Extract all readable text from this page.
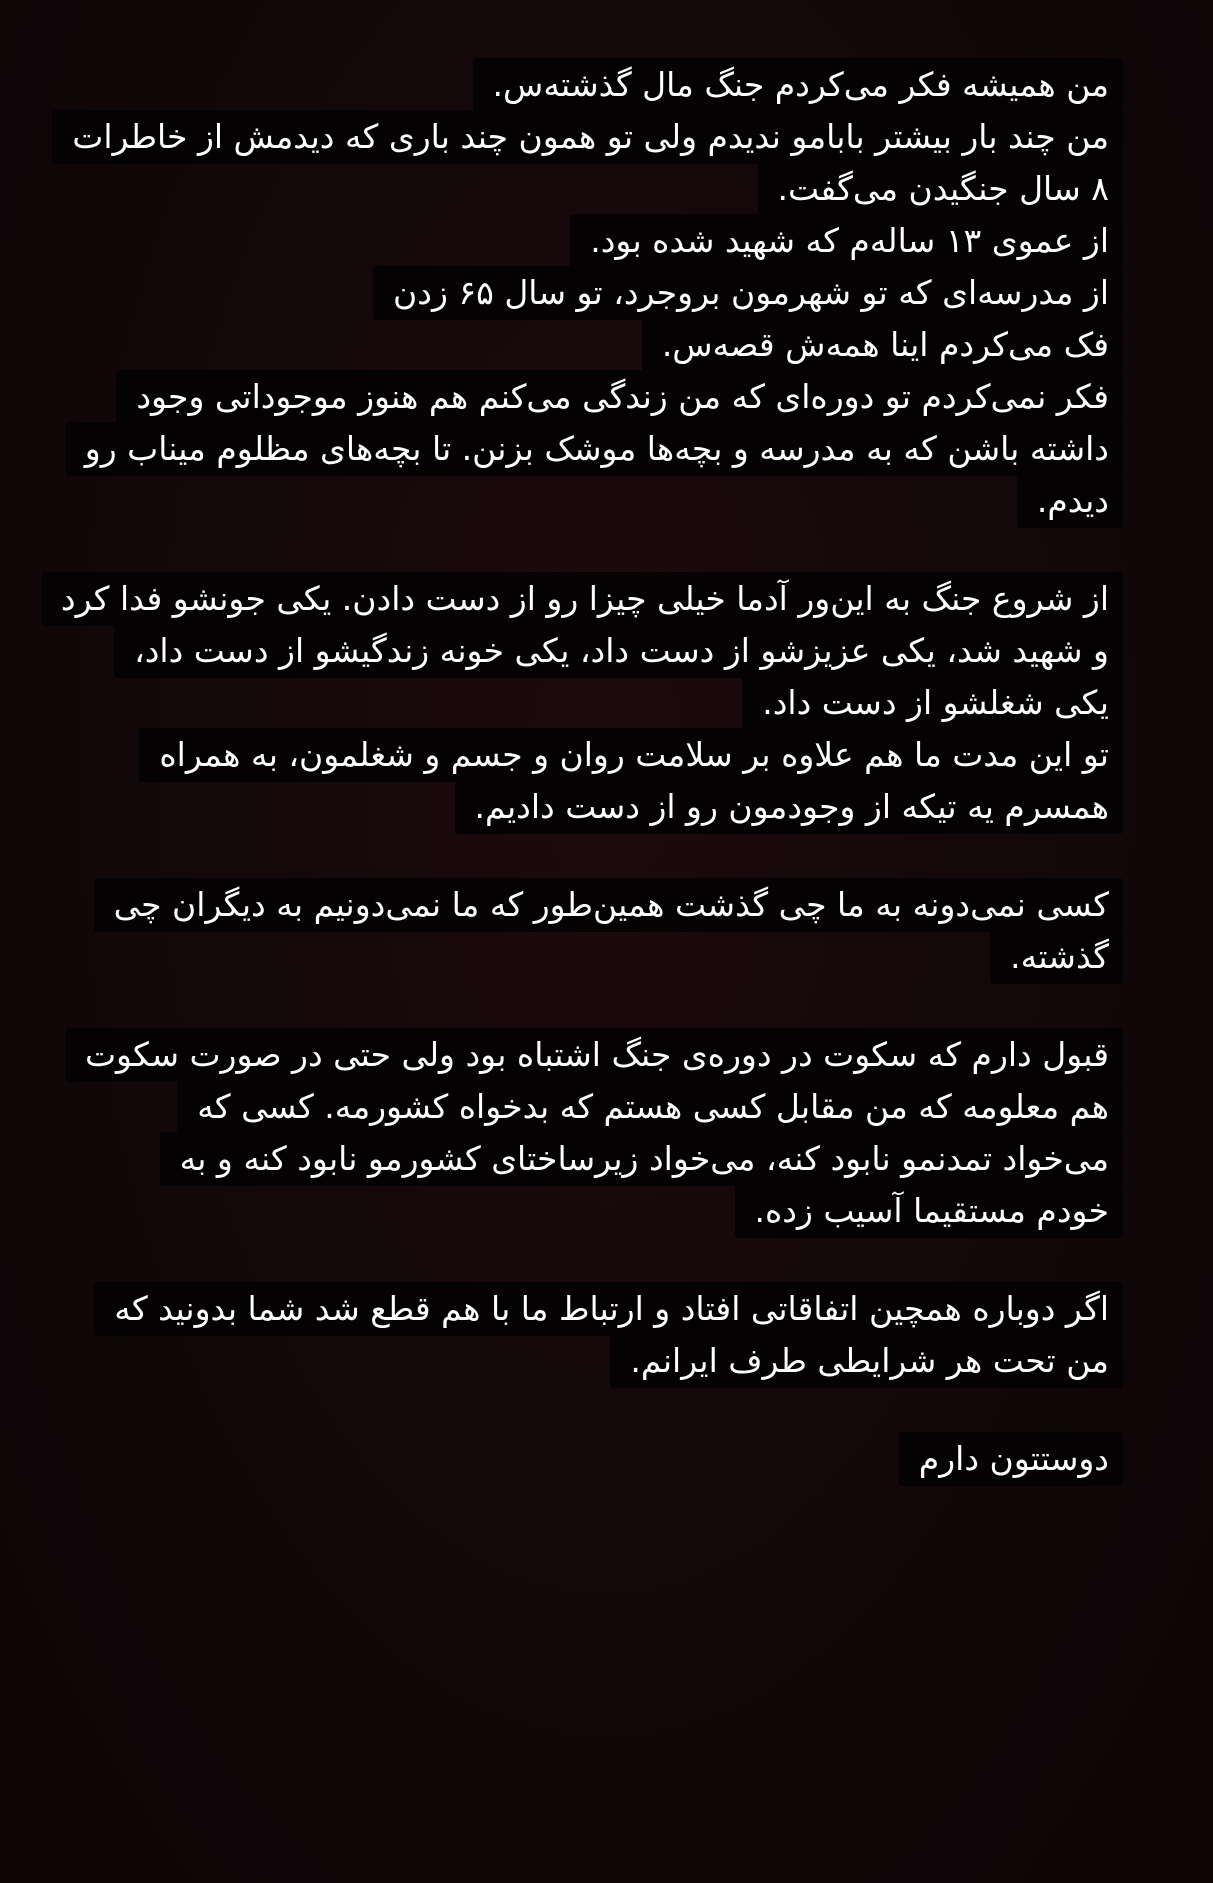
من همیشه فکر می‌کردم جنگ مال گذشته‌س.
من چند بار بیشتر بابامو ندیدم ولی تو همون چند باری که دیدمش از خاطرات
۸ سال جنگیدن می‌گفت.
از عموی ۱۳ ساله‌م که شهید شده بود.
از مدرسه‌ای که تو شهرمون بروجرد، تو سال ۶۵ زدن
فک می‌کردم اینا همه‌ش قصه‌س.
فکر نمی‌کردم تو دوره‌ای که من زندگی می‌کنم هم هنوز موجوداتی وجود
داشته باشن که به مدرسه و بچه‌ها موشک بزنن. تا بچه‌های مظلوم میناب رو
دیدم.
از شروع جنگ به این‌ور آدما خیلی چیزا رو از دست دادن. یکی جونشو فدا کرد
و شهید شد، یکی عزیزشو از دست داد، یکی خونه زندگیشو از دست داد،
یکی شغلشو از دست داد.
تو این مدت ما هم علاوه بر سلامت روان و جسم و شغلمون، به همراه
همسرم یه تیکه از وجودمون رو از دست دادیم.
کسی نمی‌دونه به ما چی گذشت همین‌طور که ما نمی‌دونیم به دیگران چی
گذشته.
قبول دارم که سکوت در دوره‌ی جنگ اشتباه بود ولی حتی در صورت سکوت
هم معلومه که من مقابل کسی هستم که بدخواه کشورمه. کسی که
می‌خواد تمدنمو نابود کنه، می‌خواد زیرساختای کشورمو نابود کنه و به
خودم مستقیما آسیب زده.
اگر دوباره همچین اتفاقاتی افتاد و ارتباط ما با هم قطع شد شما بدونید که
من تحت هر شرایطی طرف ایرانم.
دوستتون دارم
